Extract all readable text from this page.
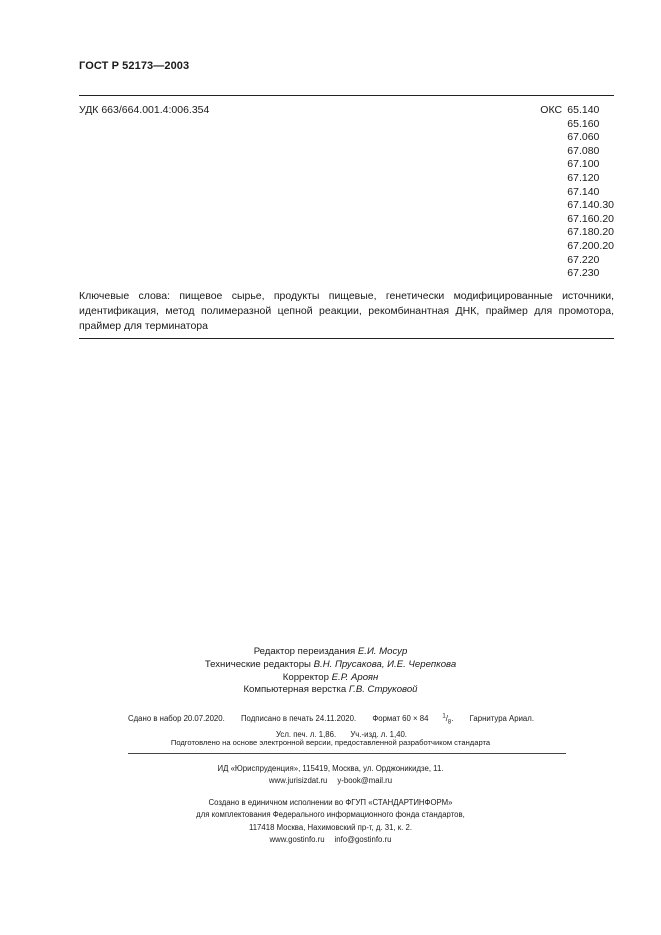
ГОСТ Р 52173—2003
УДК 663/664.001.4:006.354	ОКС 65.140
65.160
67.060
67.080
67.100
67.120
67.140
67.140.30
67.160.20
67.180.20
67.200.20
67.220
67.230
Ключевые слова: пищевое сырье, продукты пищевые, генетически модифицированные источники, идентификация, метод полимеразной цепной реакции, рекомбинантная ДНК, праймер для промотора, праймер для терминатора
Редактор переиздания Е.И. Мосур
Технические редакторы В.Н. Прусакова, И.Е. Черепкова
Корректор Е.Р. Ароян
Компьютерная верстка Г.В. Струковой
Сдано в набор 20.07.2020. Подписано в печать 24.11.2020. Формат 60 × 84 $^1/_8$. Гарнитура Ариал.
Усл. печ. л. 1,86. Уч.-изд. л. 1,40.
Подготовлено на основе электронной версии, предоставленной разработчиком стандарта
ИД «Юриспруденция», 115419, Москва, ул. Орджоникидзе, 11.
www.jurisizdat.ru y-book@mail.ru
Создано в единичном исполнении во ФГУП «СТАНДАРТИНФОРМ»
для комплектования Федерального информационного фонда стандартов,
117418 Москва, Нахимовский пр-т, д. 31, к. 2.
www.gostinfo.ru info@gostinfo.ru
